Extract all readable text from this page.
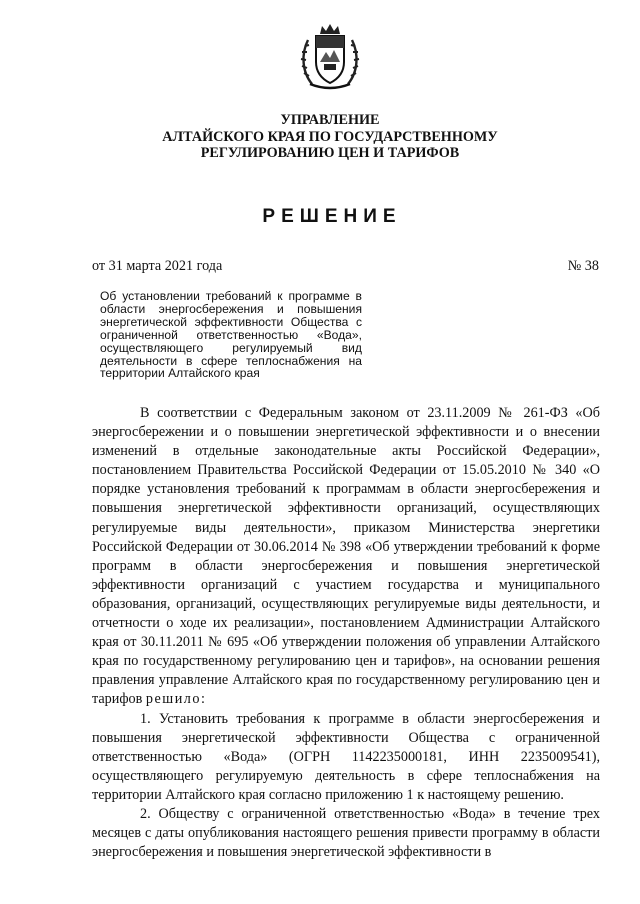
УПРАВЛЕНИЕ
АЛТАЙСКОГО КРАЯ ПО ГОСУДАРСТВЕННОМУ
РЕГУЛИРОВАНИЮ ЦЕН И ТАРИФОВ
РЕШЕНИЕ
от 31 марта 2021 года	№ 38
Об установлении требований к программе в области энергосбережения и повышения энергетической эффективности Общества с ограниченной ответственностью «Вода», осуществляющего регулируемый вид деятельности в сфере теплоснабжения на территории Алтайского края

В соответствии с Федеральным законом от 23.11.2009 № 261-ФЗ «Об энергосбережении и о повышении энергетической эффективности и о внесении изменений в отдельные законодательные акты Российской Федерации», постановлением Правительства Российской Федерации от 15.05.2010 № 340 «О порядке установления требований к программам в области энергосбережения и повышения энергетической эффективности организаций, осуществляющих регулируемые виды деятельности», приказом Министерства энергетики Российской Федерации от 30.06.2014 № 398 «Об утверждении требований к форме программ в области энергосбережения и повышения энергетической эффективности организаций с участием государства и муниципального образования, организаций, осуществляющих регулируемые виды деятельности, и отчетности о ходе их реализации», постановлением Администрации Алтайского края от 30.11.2011 № 695 «Об утверждении положения об управлении Алтайского края по государственному регулированию цен и тарифов», на основании решения правления управление Алтайского края по государственному регулированию цен и тарифов решило:

1. Установить требования к программе в области энергосбережения и повышения энергетической эффективности Общества с ограниченной ответственностью «Вода» (ОГРН 1142235000181, ИНН 2235009541), осуществляющего регулируемую деятельность в сфере теплоснабжения на территории Алтайского края согласно приложению 1 к настоящему решению.

2. Обществу с ограниченной ответственностью «Вода» в течение трех месяцев с даты опубликования настоящего решения привести программу в области энергосбережения и повышения энергетической эффективности в
